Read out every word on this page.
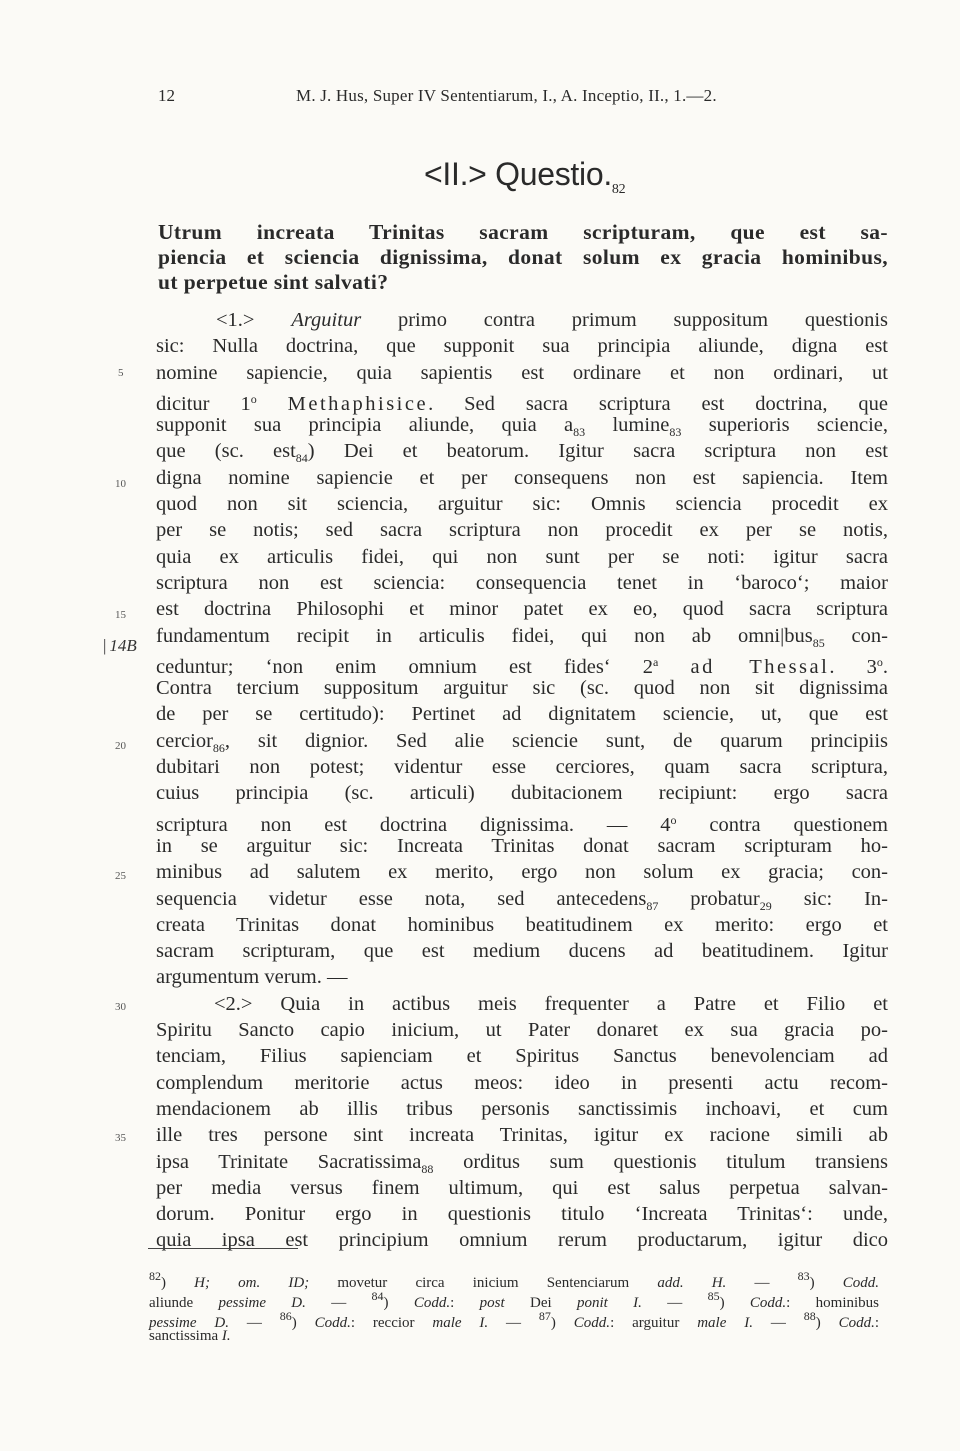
12	M. J. Hus, Super IV Sententiarum, I., A. Inceptio, II., 1.—2.
$<II.> Questio._{82}$
Utrum increata Trinitas sacram scripturam, que est sa-
piencia et sciencia dignissima, donat solum ex gracia hominibus,
ut perpetue sint salvati?
<1.> Arguitur primo contra primum suppositum questionis
sic: Nulla doctrina, que supponit sua principia aliunde, digna est
nomine sapiencie, quia sapientis est ordinare et non ordinari, ut
dicitur 1$^o$ Methaphisice. Sed sacra scriptura est doctrina, que
supponit sua principia aliunde, quia $a_{83}$ lumine$_{83}$ superioris sciencie,
que (sc. est$_{84}$) Dei et beatorum. Igitur sacra scriptura non est
digna nomine sapiencie et per consequens non est sapiencia. Item
quod non sit sciencia, arguitur sic: Omnis sciencia procedit ex
per se notis; sed sacra scriptura non procedit ex per se notis,
quia ex articulis fidei, qui non sunt per se noti: igitur sacra
scriptura non est sciencia: consequencia tenet in ‘baroco‘; maior
est doctrina Philosophi et minor patet ex eo, quod sacra scriptura
fundamentum recipit in articulis fidei, qui non ab omni|bus$_{85}$ con-
ceduntur; ‘non enim omnium est fides‘ 2$^a$ ad Thessal. 3$^o$.
Contra tercium suppositum arguitur sic (sc. quod non sit dignissima
de per se certitudo): Pertinet ad dignitatem sciencie, ut, que est
cercior$_{86}$, sit dignior. Sed alie sciencie sunt, de quarum principiis
dubitari non potest; videntur esse cerciores, quam sacra scriptura,
cuius principia (sc. articuli) dubitacionem recipiunt: ergo sacra
scriptura non est doctrina dignissima. — 4$^o$ contra questionem
in se arguitur sic: Increata Trinitas donat sacram scripturam ho-
minibus ad salutem ex merito, ergo non solum ex gracia; con-
sequencia videtur esse nota, sed antecedens$_{87}$ probatur$_{29}$ sic: In-
creata Trinitas donat hominibus beatitudinem ex merito: ergo et
sacram scripturam, que est medium ducens ad beatitudinem. Igitur
argumentum verum. —
<2.> Quia in actibus meis frequenter a Patre et Filio et
Spiritu Sancto capio inicium, ut Pater donaret ex sua gracia po-
tenciam, Filius sapienciam et Spiritus Sanctus benevolenciam ad
complendum meritorie actus meos: ideo in presenti actu recom-
mendacionem ab illis tribus personis sanctissimis inchoavi, et cum
ille tres persone sint increata Trinitas, igitur ex racione simili ab
ipsa Trinitate Sacratissima$_{88}$ orditus sum questionis titulum transiens
per media versus finem ultimum, qui est salus perpetua salvan-
dorum. Ponitur ergo in questionis titulo ‘Increata Trinitas‘: unde,
quia ipsa est principium omnium rerum productarum, igitur dico
5
10
15
20
25
30
35
| 14B
$^{82}$) H; om. ID; movetur circa inicium Sentenciarum add. H. — $^{83}$) Codd.
aliunde pessime D. — $^{84}$) Codd.: post Dei ponit I. — $^{85}$) Codd.: hominibus
pessime D. — $^{86}$) Codd.: reccior male I. — $^{87}$) Codd.: arguitur male I. — $^{88}$) Codd.:
sanctissima I.
